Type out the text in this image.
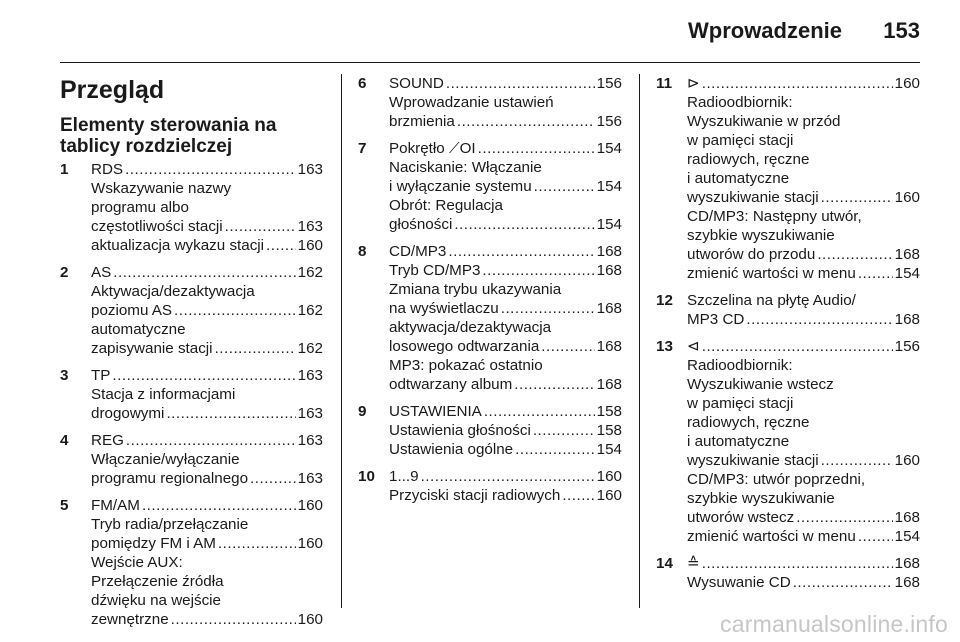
Wprowadzenie 153
Przegląd
Elementy sterowania na tablicy rozdzielczej
1 RDS .....	163
Wskazywanie nazwy
programu albo
częstotliwości stacji .....	163
aktualizacja wykazu stacji ..... 160
2 AS .....	162
Aktywacja/dezaktywacja
poziomu AS .....	162
automatyczne
zapisywanie stacji .....	162
3 TP .....	163
Stacja z informacjami
drogowymi .....	163
4 REG .....	163
Włączanie/wyłączanie
programu regionalnego .....	163
5 FM/AM .....	160
Tryb radia/przełączanie
pomiędzy FM i AM .....	160
Wejście AUX:
Przełączenie źródła
dźwięku na wejście
zewnętrzne .....	160
6 SOUND .....	156
Wprowadzanie ustawień
brzmienia .....	156
7 Pokrętło ⟋OI .....	154
Naciskanie: Włączanie
i wyłączanie systemu .....	154
Obrót: Regulacja
głośności .....	154
8 CD/MP3 .....	168
Tryb CD/MP3 .....	168
Zmiana trybu ukazywania
na wyświetlaczu .....	168
aktywacja/dezaktywacja
losowego odtwarzania .....	168
MP3: pokazać ostatnio
odtwarzany album .....	168
9 USTAWIENIA .....	158
Ustawienia głośności .....	158
Ustawienia ogólne .....	154
10 1...9 .....	160
Przyciski stacji radiowych ..... 160
11 ⊳ .....	160
Radioodbiornik:
Wyszukiwanie w przód
w pamięci stacji
radiowych, ręczne
i automatyczne
wyszukiwanie stacji .....	160
CD/MP3: Następny utwór,
szybkie wyszukiwanie
utworów do przodu .....	168
zmienić wartości w menu .....	154
12 Szczelina na płytę Audio/
MP3 CD .....	168
13 ⊲ .....	156
Radioodbiornik:
Wyszukiwanie wstecz
w pamięci stacji
radiowych, ręczne
i automatyczne
wyszukiwanie stacji .....	160
CD/MP3: utwór poprzedni,
szybkie wyszukiwanie
utworów wstecz .....	168
zmienić wartości w menu .....	154
14 ≙ .....	168
Wysuwanie CD .....	168
carmanualsonline.info
